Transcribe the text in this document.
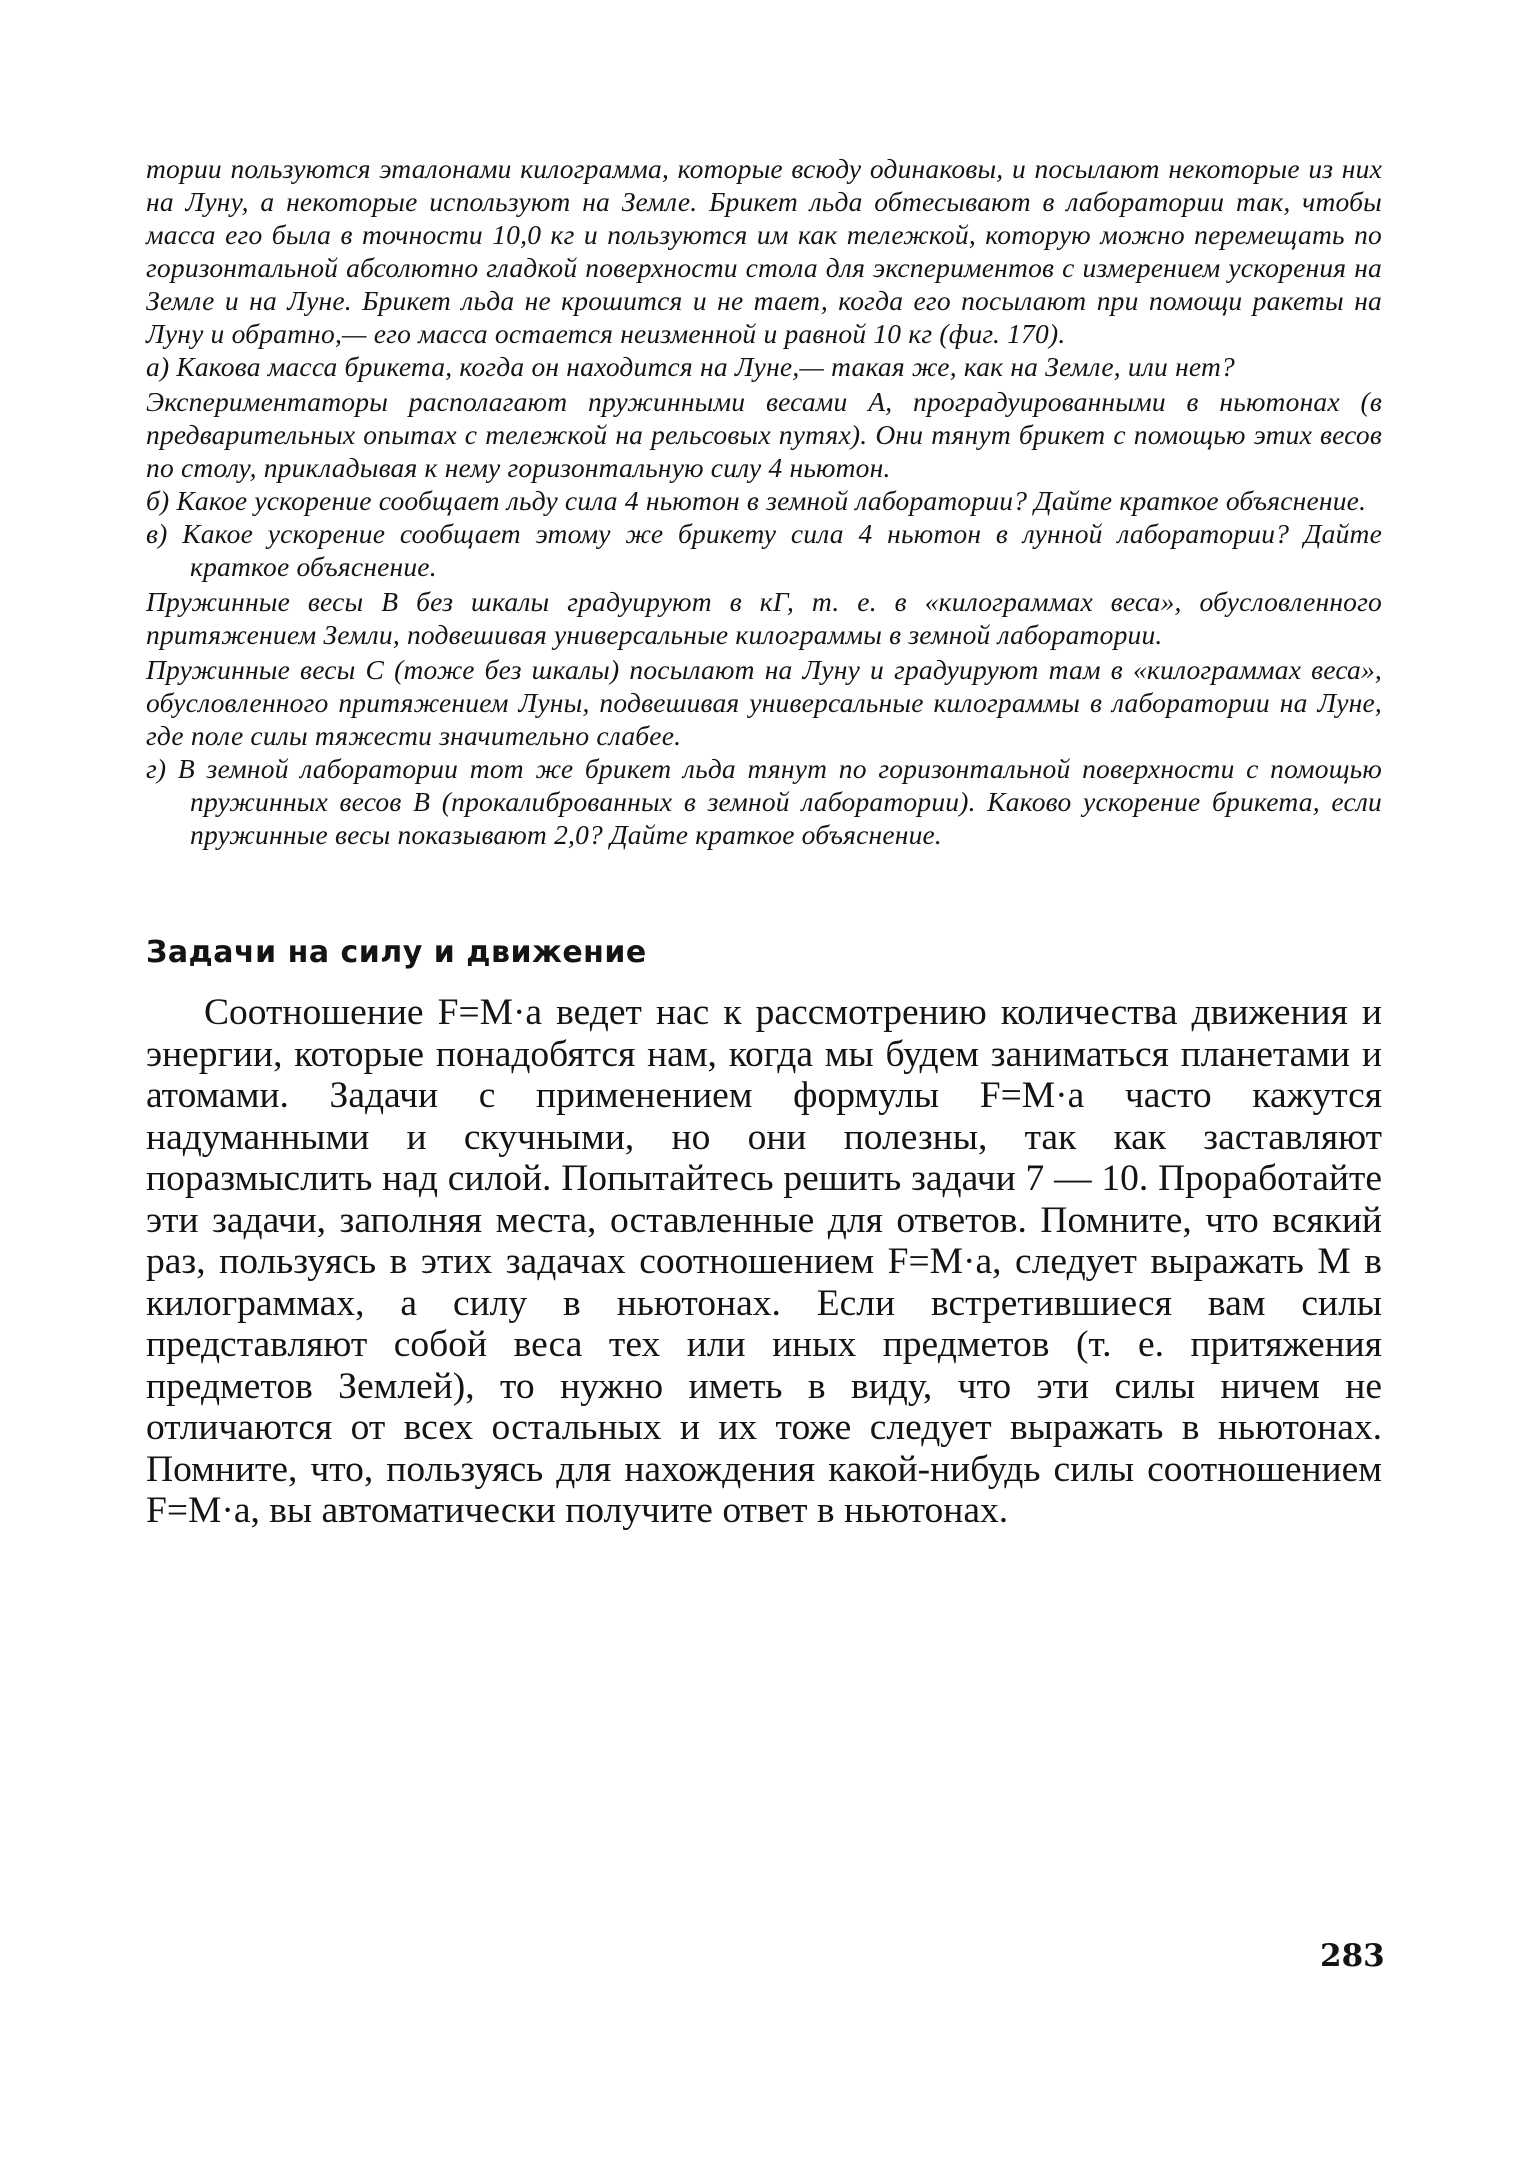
тории пользуются эталонами килограмма, которые всюду одинаковы, и посылают некоторые из них на Луну, а некоторые используют на Земле. Брикет льда обтесывают в лаборатории так, чтобы масса его была в точности 10,0 кг и пользуются им как тележкой, которую можно перемещать по горизонтальной абсолютно гладкой поверхности стола для экспериментов с измерением ускорения на Земле и на Луне. Брикет льда не крошится и не тает, когда его посылают при помощи ракеты на Луну и обратно,— его масса остается неизменной и равной 10 кг (фиг. 170).

а) Какова масса брикета, когда он находится на Луне,— такая же, как на Земле, или нет?

Экспериментаторы располагают пружинными весами А, проградуированными в ньютонах (в предварительных опытах с тележкой на рельсовых путях). Они тянут брикет с помощью этих весов по столу, прикладывая к нему горизонтальную силу 4 ньютон.

б) Какое ускорение сообщает льду сила 4 ньютон в земной лаборатории? Дайте краткое объяснение.

в) Какое ускорение сообщает этому же брикету сила 4 ньютон в лунной лаборатории? Дайте краткое объяснение.

Пружинные весы В без шкалы градуируют в кГ, т. е. в «килограммах веса», обусловленного притяжением Земли, подвешивая универсальные килограммы в земной лаборатории.

Пружинные весы С (тоже без шкалы) посылают на Луну и градуируют там в «килограммах веса», обусловленного притяжением Луны, подвешивая универсальные килограммы в лаборатории на Луне, где поле силы тяжести значительно слабее.

г) В земной лаборатории тот же брикет льда тянут по горизонтальной поверхности с помощью пружинных весов В (прокалиброванных в земной лаборатории). Каково ускорение брикета, если пружинные весы показывают 2,0? Дайте краткое объяснение.

Задачи на силу и движение

Соотношение F=M·a ведет нас к рассмотрению количества движения и энергии, которые понадобятся нам, когда мы будем заниматься планетами и атомами. Задачи с применением формулы F=M·a часто кажутся надуманными и скучными, но они полезны, так как заставляют поразмыслить над силой. Попытайтесь решить задачи 7 — 10. Проработайте эти задачи, заполняя места, оставленные для ответов. Помните, что всякий раз, пользуясь в этих задачах соотношением F=M·a, следует выражать M в килограммах, а силу в ньютонах. Если встретившиеся вам силы представляют собой веса тех или иных предметов (т. е. притяжения предметов Землей), то нужно иметь в виду, что эти силы ничем не отличаются от всех остальных и их тоже следует выражать в ньютонах. Помните, что, пользуясь для нахождения какой-нибудь силы соотношением F=M·a, вы автоматически получите ответ в ньютонах.

283
